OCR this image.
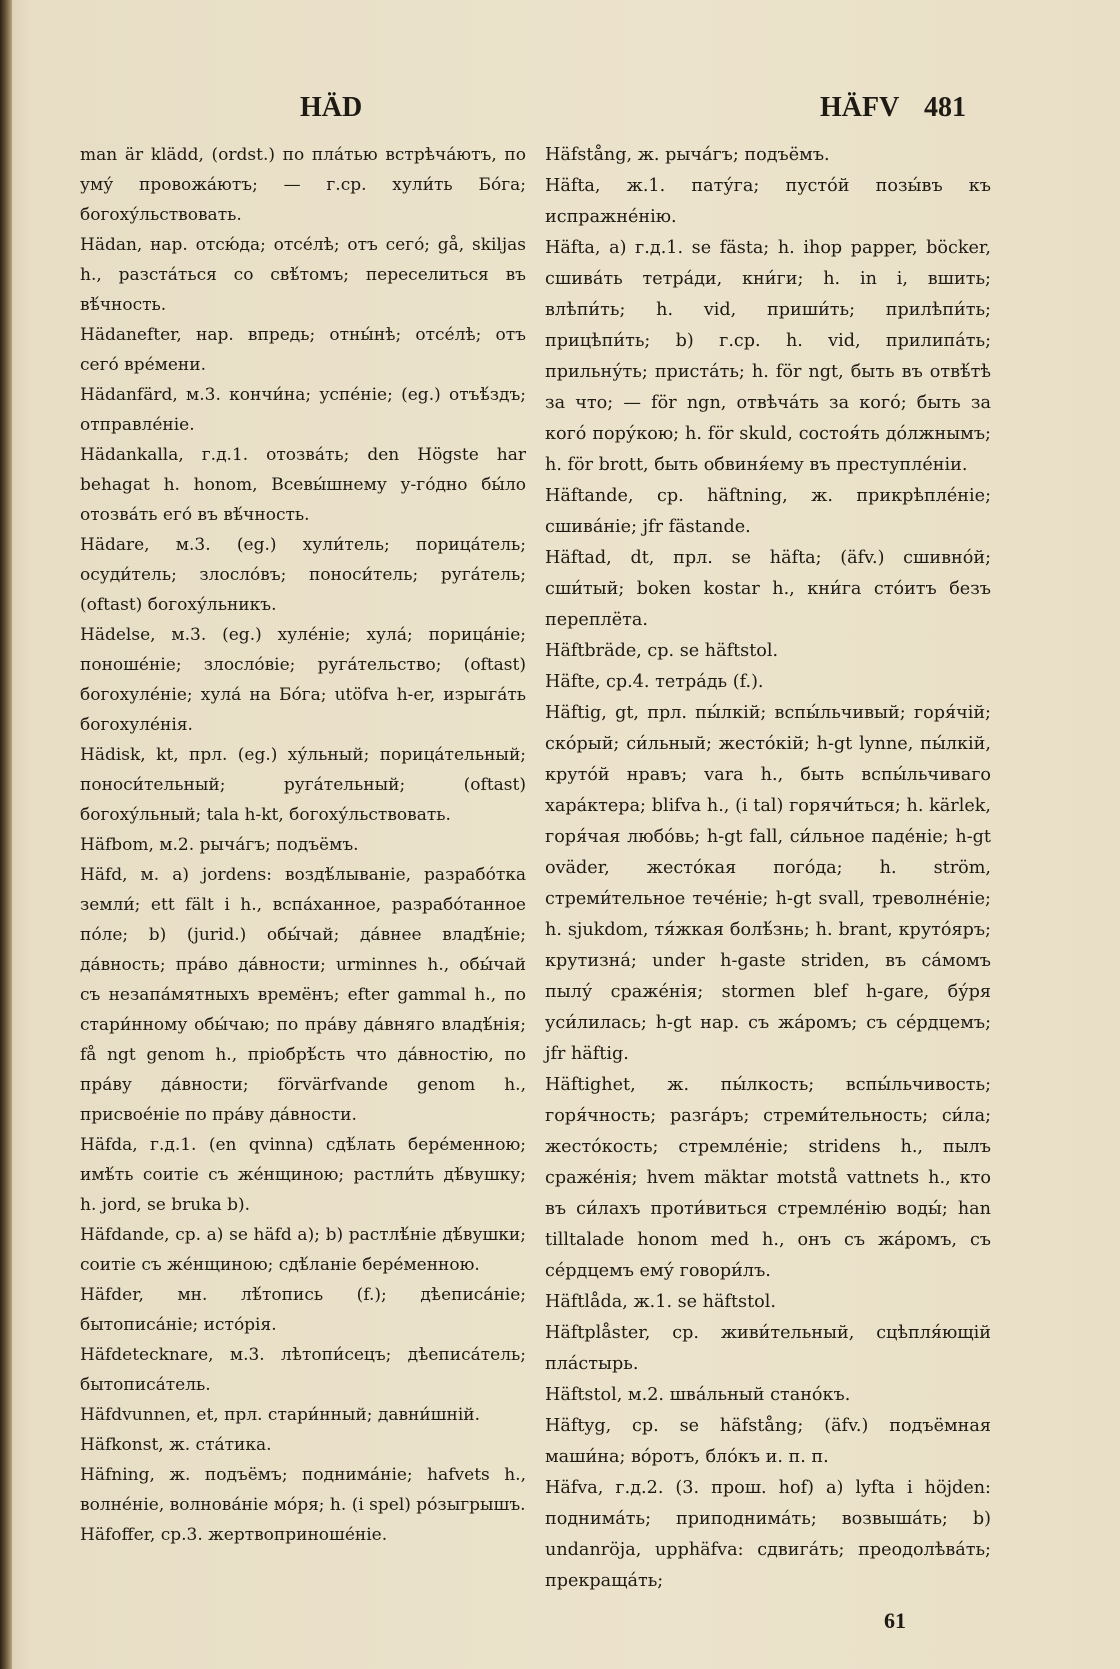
HÄD	HÄFV 481

man är klädd, (ordst.) по пла́тью встрѣча́ютъ, по уму́ провожа́ютъ; — г.ср. хули́ть Бо́га; богоху́льствовать.

Hädan, нар. отсю́да; отсе́лѣ; отъ сего́; gå, skiljas h., разста́ться со свѣ́томъ; переселиться въ вѣ́чность.

Hädanefter, нар. впредь; отны́нѣ; отсе́лѣ; отъ сего́ вре́мени.

Hädanfärd, м.3. кончи́на; успе́ніе; (eg.) отъѣ́здъ; отправле́ніе.

Hädankalla, г.д.1. отозва́ть; den Högste har behagat h. honom, Всевы́шнему у-го́дно бы́ло отозва́ть его́ въ вѣ́чность.

Hädare, м.3. (eg.) хули́тель; порица́тель; осуди́тель; злосло́въ; поноси́тель; руга́тель; (oftast) богоху́льникъ.

Hädelse, м.3. (eg.) хуле́ніе; хула́; порица́ніе; поноше́ніе; злосло́віе; руга́тельство; (oftast) богохуле́ніе; хула́ на Бо́га; utöfva h-er, изрыга́ть богохуле́нія.

Hädisk, kt, прл. (eg.) ху́льный; порица́тельный; поноси́тельный; руга́тельный; (oftast) богоху́льный; tala h-kt, богоху́льствовать.

Häfbom, м.2. рыча́гъ; подъёмъ.

Häfd, м. a) jordens: воздѣ́лываніе, разрабо́тка земли́; ett fält i h., вспа́ханное, разрабо́танное по́ле; b) (jurid.) обы́чай; да́внее владѣ́ніе; да́вность; пра́во да́вности; urminnes h., обы́чай съ незапа́мятныхъ времёнъ; efter gammal h., по стари́нному обы́чаю; по пра́ву да́вняго владѣ́нія; få ngt genom h., пріобрѣ́сть что да́вностію, по пра́ву да́вности; förvärfvande genom h., присвое́ніе по пра́ву да́вности.

Häfda, г.д.1. (en qvinna) сдѣ́лать бере́менною; имѣ́ть соитіе съ же́нщиною; растли́ть дѣ́вушку; h. jord, se bruka b).

Häfdande, ср. a) se häfd a); b) растлѣ́ніе дѣ́вушки; соитіе съ же́нщиною; сдѣ́ланіе бере́менною.

Häfder, мн. лѣ́топись (f.); дѣеписа́ніе; бытописа́ніе; исто́рія.

Häfdetecknare, м.3. лѣтопи́сецъ; дѣеписа́тель; бытописа́тель.

Häfdvunnen, et, прл. стари́нный; давни́шній.

Häfkonst, ж. ста́тика.

Häfning, ж. подъёмъ; поднима́ніе; hafvets h., волне́ніе, волнова́ніе мо́ря; h. (i spel) ро́зыгрышъ.

Häfoffer, ср.3. жертвоприноше́ніе.

Häfstång, ж. рыча́гъ; подъёмъ.

Häfta, ж.1. пату́га; пусто́й позы́въ къ испражне́нію.

Häfta, a) г.д.1. se fästa; h. ihop papper, böcker, сшива́ть тетра́ди, кни́ги; h. in i, вшить; влѣпи́ть; h. vid, приши́ть; прилѣпи́ть; прицѣпи́ть; b) г.ср. h. vid, прилипа́ть; прильну́ть; приста́ть; h. för ngt, быть въ отвѣ́тѣ за что; — för ngn, отвѣча́ть за кого́; быть за кого́ пору́кою; h. för skuld, состоя́ть до́лжнымъ; h. för brott, быть обвиня́ему въ преступле́ніи.

Häftande, ср. häftning, ж. прикрѣпле́ніе; сшива́ніе; jfr fästande.

Häftad, dt, прл. se häfta; (äfv.) сшивно́й; сши́тый; boken kostar h., кни́га сто́итъ безъ переплёта.

Häftbräde, ср. se häftstol.

Häfte, ср.4. тетра́дь (f.).

Häftig, gt, прл. пы́лкій; вспы́льчивый; горя́чій; ско́рый; си́льный; жесто́кій; h-gt lynne, пы́лкій, круто́й нравъ; vara h., быть вспы́льчиваго хара́ктера; blifva h., (i tal) горячи́ться; h. kärlek, горя́чая любо́вь; h-gt fall, си́льное паде́ніе; h-gt oväder, жесто́кая пого́да; h. ström, стреми́тельное тече́ніе; h-gt svall, треволне́ніе; h. sjukdom, тя́жкая болѣ́знь; h. brant, круто́яръ; крутизна́; under h-gaste striden, въ са́момъ пылу́ сраже́нія; stormen blef h-gare, бу́ря уси́лилась; h-gt нар. съ жа́ромъ; съ се́рдцемъ; jfr häftig.

Häftighet, ж. пы́лкость; вспы́льчивость; горя́чность; разга́ръ; стреми́тельность; си́ла; жесто́кость; стремле́ніе; stridens h., пылъ сраже́нія; hvem mäktar motstå vattnets h., кто въ си́лахъ проти́виться стремле́нію воды́; han tilltalade honom med h., онъ съ жа́ромъ, съ се́рдцемъ ему́ говори́лъ.

Häftlåda, ж.1. se häftstol.

Häftplåster, ср. живи́тельный, сцѣпля́ющій пла́стырь.

Häftstol, м.2. шва́льный стано́къ.

Häftyg, ср. se häfstång; (äfv.) подъёмная маши́на; во́ротъ, бло́къ и. п. п.

Häfva, г.д.2. (3. прош. hof) a) lyfta i höjden: поднима́ть; приподнима́ть; возвыша́ть; b) undanröja, upphäfva: сдвига́ть; преодолѣва́ть; прекраща́ть;

61
